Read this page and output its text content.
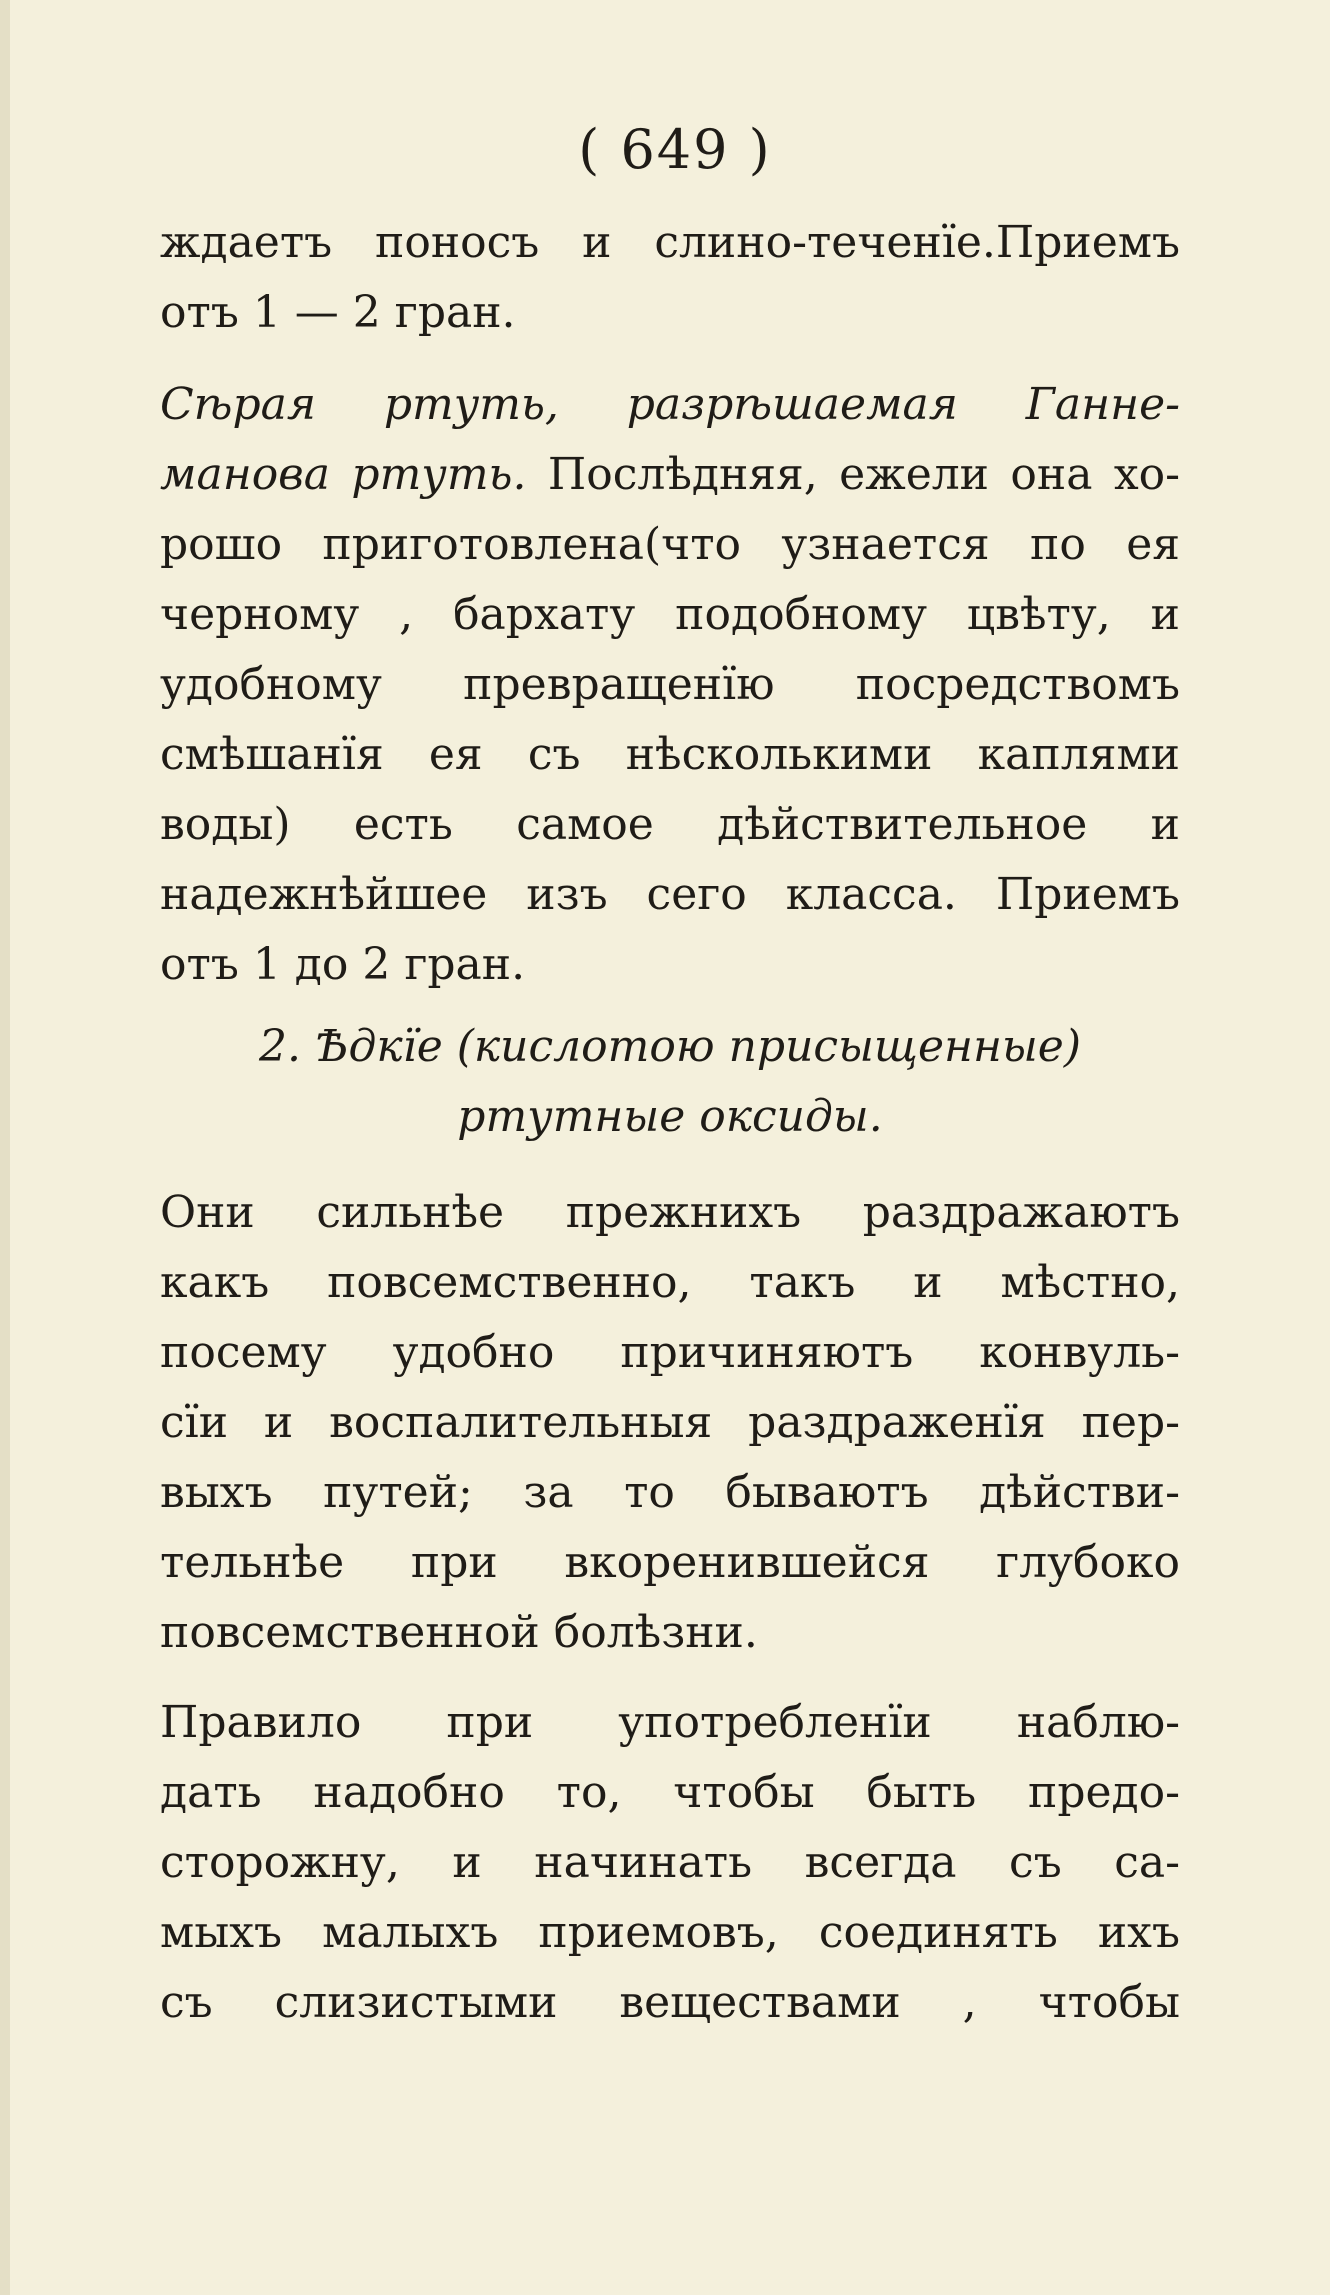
( 649 )
ждаетъ поносъ и слино-теченїе.Приемъ
отъ 1 — 2 гран.
Сѣрая ртуть, разрѣшаемая Ганне-
манова ртуть. Послѣдняя, ежели она хо-
рошо приготовлена(что узнается по ея
черному , бархату подобному цвѣту, и
удобному превращенїю посредствомъ
смѣшанїя ея съ нѣсколькими каплями
воды) есть самое дѣйствительное и
надежнѣйшее изъ сего класса. Приемъ
отъ 1 до 2 гран.
2. Ѣдкїе (кислотою присыщенные)
ртутные оксиды.
Они сильнѣе прежнихъ раздражаютъ
какъ повсемственно, такъ и мѣстно,
посему удобно причиняютъ конвуль-
сїи и воспалительныя раздраженїя пер-
выхъ путей; за то бываютъ дѣйстви-
тельнѣе при вкоренившейся глубоко
повсемственной болѣзни.
Правило при употребленїи наблю-
дать надобно то, чтобы быть предо-
сторожну, и начинать всегда съ са-
мыхъ малыхъ приемовъ, соединять ихъ
съ слизистыми веществами , чтобы
